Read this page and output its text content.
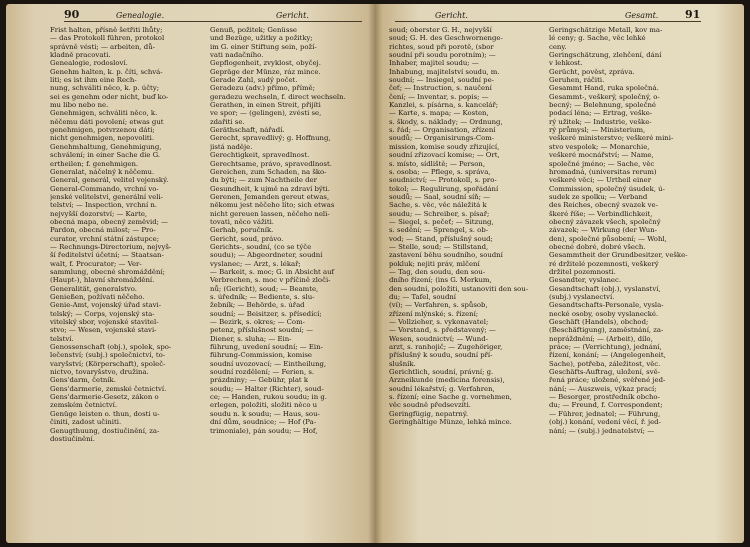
90	Genealogie.	Gericht.
Frist halten, přísně šetřiti lhůty;
— das Protokoll führen, protokol
správně vésti; — arbeiten, dů-
kladně pracovati.
Genealogie, rodosloví.
Genehm halten, k. p. číti, schvá-
liti; es ist ihm eine Rech-
nung, schváliti něco, k. p. účty;
sei es genehm oder nicht, buď ko-
mu libo nebo ne.
Genehmigen, schváliti něco, k.
něčemu dáti povolení; etwas gut
genehmigen, potvrzenou dáti;
nicht genehmigen, nepovoliti.
Genehmhaltung, Genehmigung,
schválení; in einer Sache die G.
ertheilen; f. genehmigen.
Generalat, náčelný k něčemu.
General, generál, velitel vojenský.
General-Commando, vrchní vo-
jenské velitelství, generální veli-
telství; — Inspection, vrchní n.
nejvyšší dozorství; — Karte,
obecná mapa, obecný zeměvid; —
Pardon, obecná milost; — Pro-
curator, vrchní státní zástupce;
— Rechnungs-Directorium, nejvyš-
ší ředitelství účetní; — Staatsan-
walt, f. Procurator; — Ver-
sammlung, obecné shromáždění;
(Haupt-), hlavní shromáždění.
Generalität, generalstvo.
Genießen, požívati něčeho.
Genie-Amt, vojenský úřad stavi-
telský; — Corps, vojenský sta-
vitelský sbor, vojenské stavitel-
stvo; — Wesen, vojenské stavi-
telství.
Genossenschaft (obj.), spolek, spo-
lečenství; (subj.) společnictví, to-
varyšství; (Körperschaft), společ-
nictvo, tovaryšstvo, družina.
Gens'darm, četník.
Gens'darmerie, zemské četnictví.
Gens'darmerie-Gesetz, zákon o
zemském četnictví.
Genüge leisten o. thun, dosti u-
činiti, zadost učiniti.
Genugthuung, dostiučinění, za-
dostiučinění.
Genuß, požitek; Genüsse
und Bezüge, užitky a požitky;
im G. einer Stiftung sein, poží-
vati nadačního.
Gepflogenheit, zvyklost, obyčej.
Gepräge der Münze, ráz mince.
Gerade Zahl, sudý počet.
Geradezu (adv.) přímo, přímě;
geradezu wechseln, f. direct wechseln.
Gerathen, in einen Streit, přijíti
ve spor; — (gelingen), zvésti se,
zdařiti se.
Geräthschaft, nářadí.
Gerecht, spravedlivý; g. Hoffnung,
jistá naděje.
Gerechtigkeit, spravedlnost.
Gerechtsame, právo, spravedlnost.
Gereichen, zum Schaden, na ško-
du býti; — zum Nachtheile der
Gesundheit, k ujmě na zdraví býti.
Gerenen, Jemanden gereut etwas,
někomu jest něčeho líto; sich etwas
nicht gereuen lassen, něčeho neli-
tovati, něco vážiti.
Gerhab, poručník.
Gericht, soud, právo.
Gerichts-, soudní, (co se týče
soudu); — Abgeordneter, soudní
vyslanec; — Arzt, s. lékař;
— Barkeit, s. moc; G. in Absicht auf
Verbrechen, s. moc v příčině zloči-
nů; (Gericht), soud; — Beamte,
s. úředník; — Bediente, s. slu-
žebník; — Behörde, s. úřad
soudní; — Beisitzer, s. přísedící;
— Bezirk, s. okres; — Com-
petenz, příslušnost soudní; —
Diener, s. sluha; — Ein-
führung, uvedení soudní; — Ein-
führung-Commission, komise
soudní uvozovací; — Eintheilung,
soudní rozdělení; — Ferien, s.
prázdniny; — Gebühr, plat k
soudu; — Halter (Richter), soud-
ce; — Handen, rukou soudu; in g.
erlegen, položiti, složiti něco u
soudu n. k soudu; — Haus, sou-
dní dům, soudnice; — Hof (Pa-
trimoniale), pán soudu; — Hof,
Gericht.	Gesamt. 91
soud; oberster G. H., nejvyšší
soud; G. H. des Geschwornenge-
richtes, soud při porotě, (sbor
soudní při soudu porotním); —
Inhaber, majitel soudu; —
Inhabung, majitelství soudu, m.
soudní; — Insiegel, soudní pe-
čeť; — Instruction, s. naučení
čení; — Inventar, s. popis; —
Kanzlei, s. písárna, s. kancelář;
— Karte, s. mapa; — Kosten,
s. škody, s. náklady; — Ordnung,
s. řád; — Organisation, zřízení
soudů; — Organisirungs-Com-
mission, komise soudy zřizující,
soudní zřizovací komise; — Ort,
s. místo, sídliště; — Person,
s. osoba; — Pflege, s. správa,
soudnictví; — Protokoll, s. pro-
tokol; — Regulirung, spořádání
soudů; — Saal, soudní síň; —
Sache, s. věc, věc náležitá k
soudu; — Schreiber, s. písař;
— Siegel, s. pečeť; — Sitzung,
s. sedění; — Sprengel, s. ob-
vod; — Stand, příslušný soud;
— Stelle, soud; — Stillstand,
zastavení běhu soudního, soudní
pokluk; nejiti práv, mlčení
— Tag, den soudu, den sou-
dního řízení; (ins G. Merkum,
den soudní, položiti, ustanoviti den sou-
du; — Tafel, soudní
(ví); — Verfahren, s. spůsob,
zřízení mlýnské; s. řízení;
— Vollzieher, s. vykonavatel;
— Vorstand, s. představený; —
Wesen, soudnictví; — Wund-
arzt, s. ranhojič; — Zugehöriger,
příslušný k soudu, soudní pří-
slušník.
Gerichtlich, soudní, právní; g.
Arzneikunde (medicina forensis),
soudní lékařství; g. Verfahren,
s. řízení; eine Sache g. vornehmen,
věc soudně předsevzíti.
Geringfügig, nepatrný.
Geringhältige Münze, lehká mince.
Geringschätzige Metall, kov ma-
lé ceny; g. Sache, věc lehké
ceny.
Geringschätzung, zlehčení, dání
v lehkost.
Gerücht, pověst, zpráva.
Geruhen, ráčiti.
Gesammt Hand, ruka společná.
Gesammt-, veškerý, společný, o-
becný; — Belehnung, společné
podací léna; — Ertrag, veške-
rý užitek; — Industrie, veške-
rý průmysl; — Ministerium,
veškeré ministerstvo; veškeré mini-
stvo vespolek; — Monarchie,
veškeré mocnářství; — Name,
společné jméno; — Sache, věc
hromadná, (universitas rerum)
veškeré věci; — Urtheil einer
Commission, společný úsudek, ú-
sudek ze spolku; — Verband
des Reiches, obecný svazek ve-
škeré říše; — Verbindlichkeit,
obecný závazek všech, společný
závazek; — Wirkung (der Wun-
den), společné působení; — Wohl,
obecné dobré, dobré všech.
Gesammtheit der Grundbesitzer, veške-
ré držitelé pozemnosti, veškerý
držitel pozemnosti.
Gesandter, vyslanec.
Gesandtschaft (obj.), vyslanství,
(subj.) vyslanectví.
Gesandtschafts-Personale, vysla-
necké osoby, osoby vyslanecké.
Geschäft (Handels), obchod;
(Beschäftigung), zaměstnání, za-
nepráždnění; — (Arbeit), dílo,
práce; — (Verrichtung), jednání,
řízení, konání; — (Angelegenheit,
Sache), potřeba, záležitost, věc.
Geschäfts-Auftrag, uložení, svě-
řená práce; uložené, svěřené jed-
nání; — Auszweis, výkaz prací;
— Besorger, prostředník obcho-
du; — Freund, f. Correspondent;
— Führer, jednatel; — Führung,
(obj.) konání, vedení věcí, ř. jed-
nání; — (subj.) jednatelství; —
